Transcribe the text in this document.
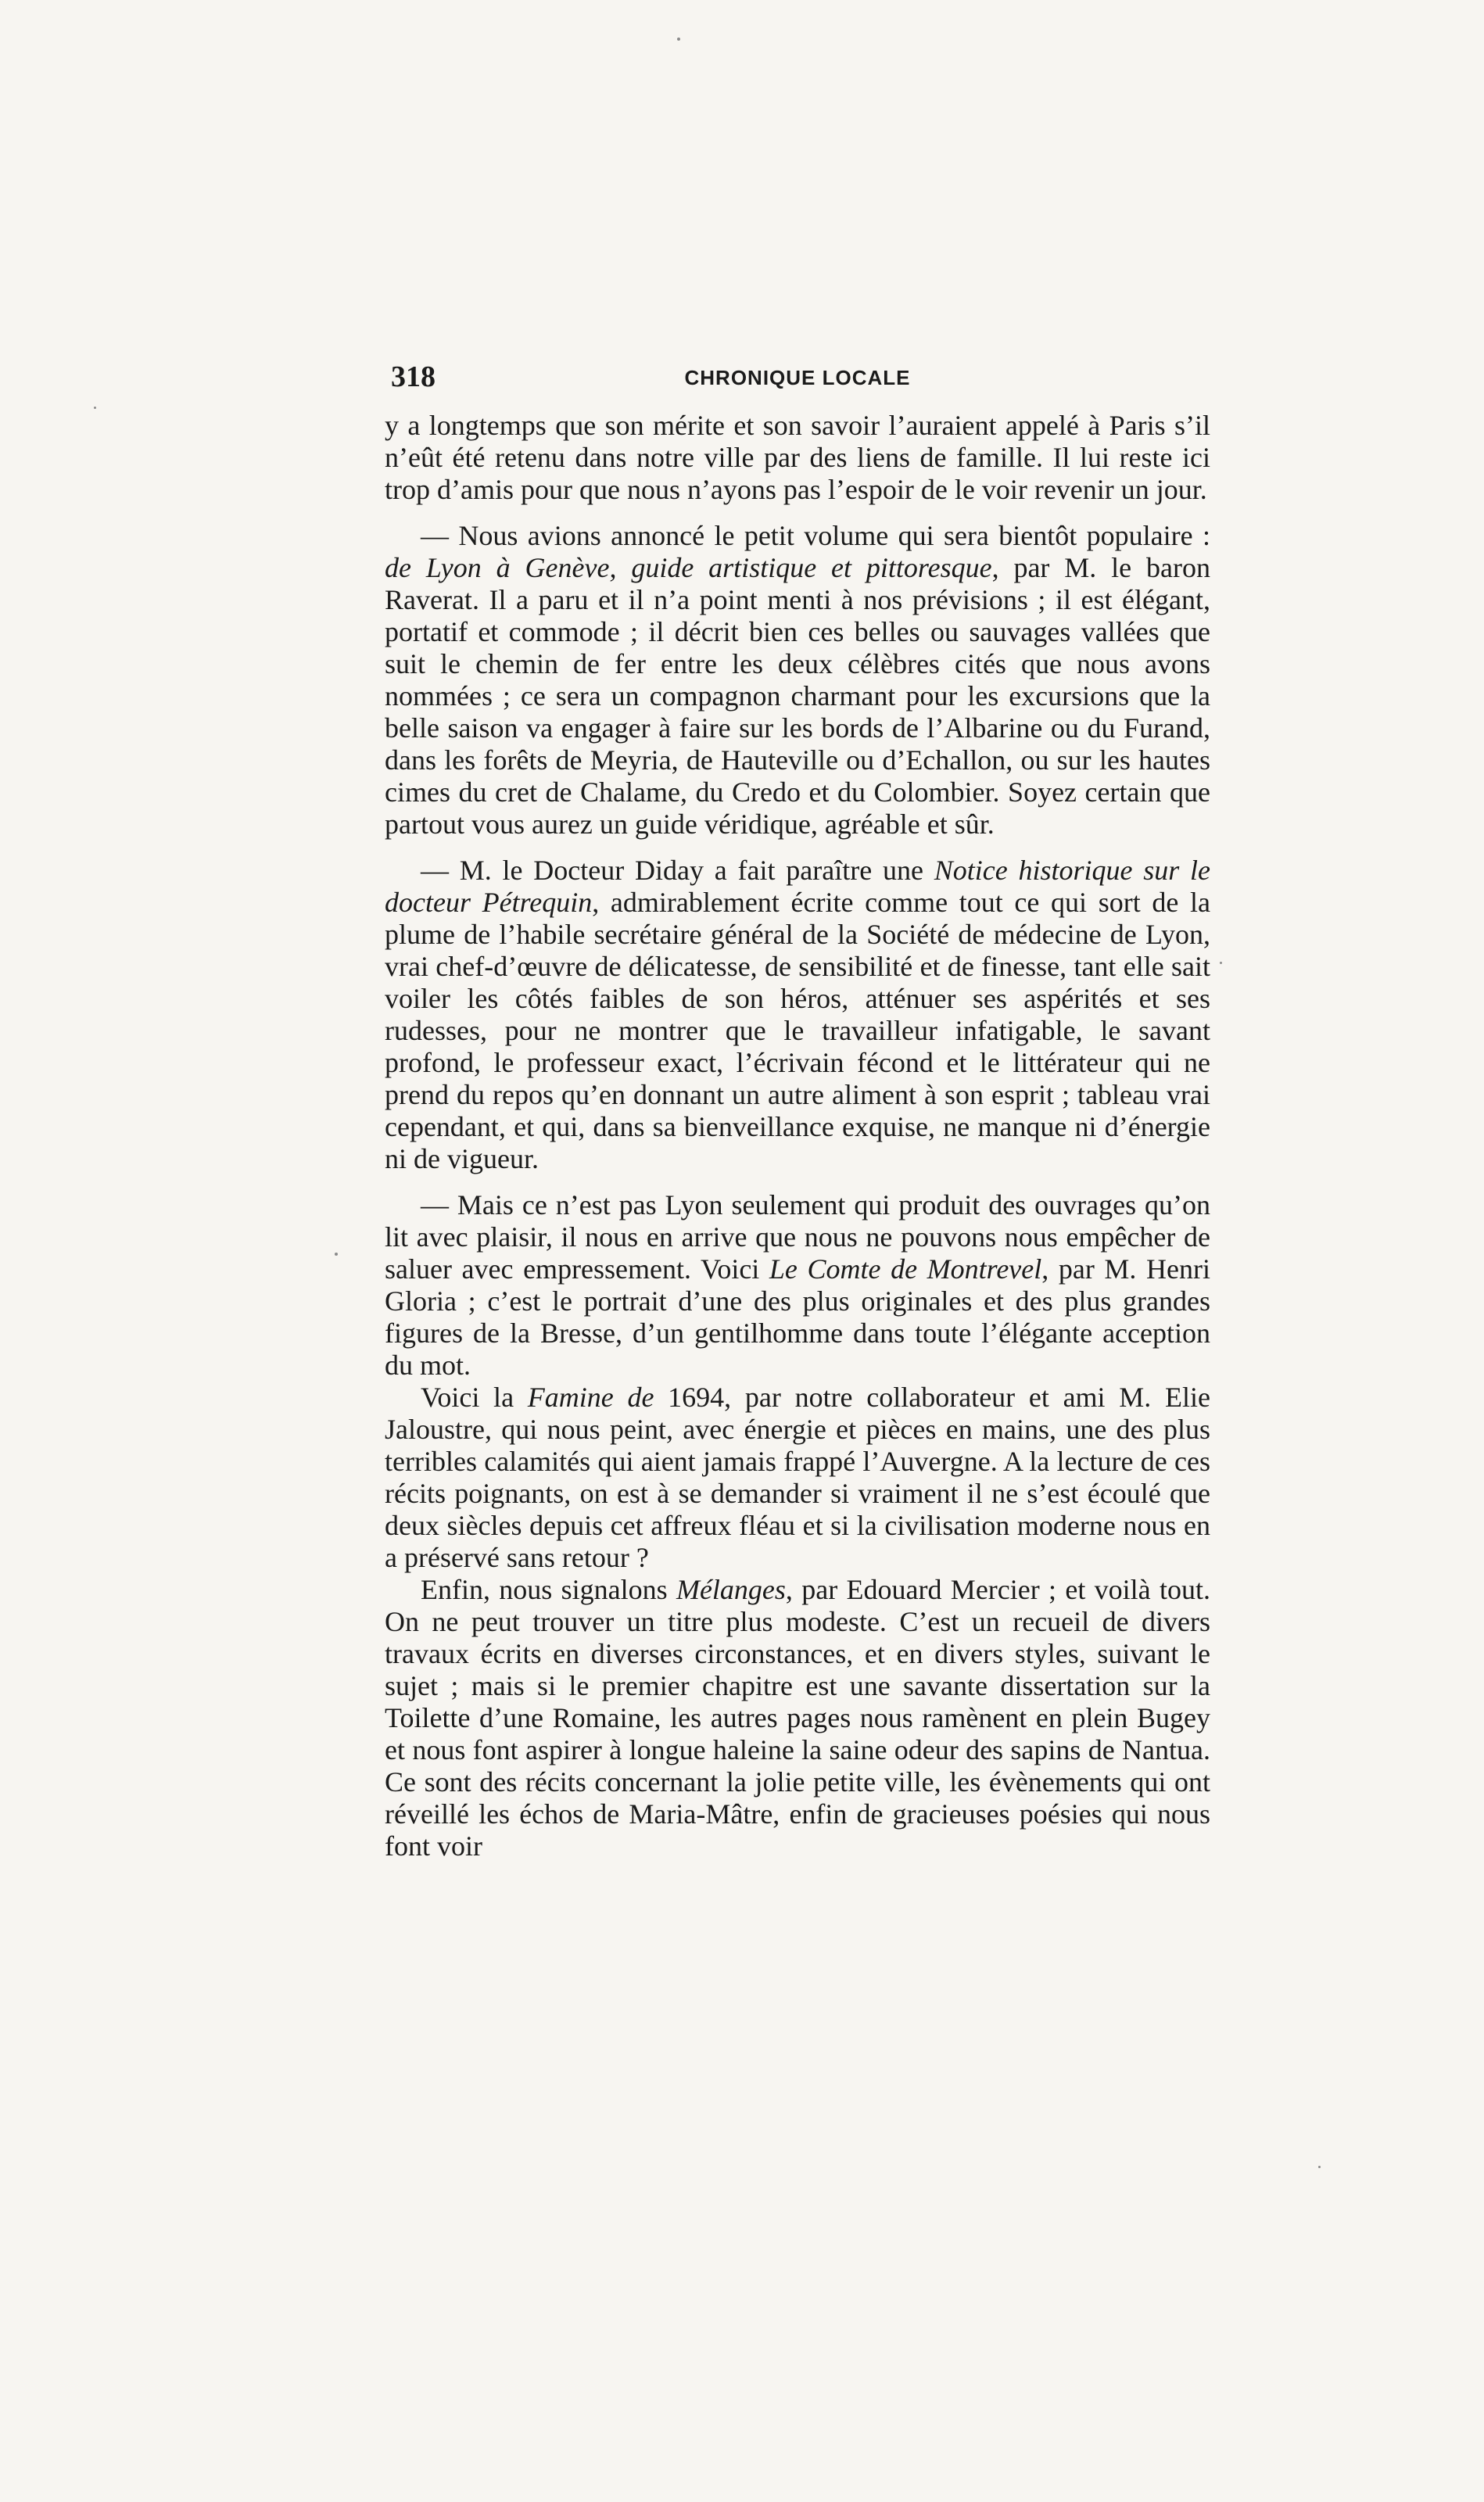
318	CHRONIQUE LOCALE

y a longtemps que son mérite et son savoir l’auraient appelé à Paris s’il n’eût été retenu dans notre ville par des liens de famille. Il lui reste ici trop d’amis pour que nous n’ayons pas l’espoir de le voir revenir un jour.

— Nous avions annoncé le petit volume qui sera bientôt populaire : de Lyon à Genève, guide artistique et pittoresque, par M. le baron Raverat. Il a paru et il n’a point menti à nos prévisions ; il est élégant, portatif et commode ; il décrit bien ces belles ou sauvages vallées que suit le chemin de fer entre les deux célèbres cités que nous avons nommées ; ce sera un compagnon charmant pour les excursions que la belle saison va engager à faire sur les bords de l’Albarine ou du Furand, dans les forêts de Meyria, de Hauteville ou d’Echallon, ou sur les hautes cimes du cret de Chalame, du Credo et du Colombier. Soyez certain que partout vous aurez un guide véridique, agréable et sûr.

— M. le Docteur Diday a fait paraître une Notice historique sur le docteur Pétrequin, admirablement écrite comme tout ce qui sort de la plume de l’habile secrétaire général de la Société de médecine de Lyon, vrai chef-d’œuvre de délicatesse, de sensibilité et de finesse, tant elle sait voiler les côtés faibles de son héros, atténuer ses aspérités et ses rudesses, pour ne montrer que le travailleur infatigable, le savant profond, le professeur exact, l’écrivain fécond et le littérateur qui ne prend du repos qu’en donnant un autre aliment à son esprit ; tableau vrai cependant, et qui, dans sa bienveillance exquise, ne manque ni d’énergie ni de vigueur.

— Mais ce n’est pas Lyon seulement qui produit des ouvrages qu’on lit avec plaisir, il nous en arrive que nous ne pouvons nous empêcher de saluer avec empressement. Voici Le Comte de Montrevel, par M. Henri Gloria ; c’est le portrait d’une des plus originales et des plus grandes figures de la Bresse, d’un gentilhomme dans toute l’élégante acception du mot.

Voici la Famine de 1694, par notre collaborateur et ami M. Elie Jaloustre, qui nous peint, avec énergie et pièces en mains, une des plus terribles calamités qui aient jamais frappé l’Auvergne. A la lecture de ces récits poignants, on est à se demander si vraiment il ne s’est écoulé que deux siècles depuis cet affreux fléau et si la civilisation moderne nous en a préservé sans retour ?

Enfin, nous signalons Mélanges, par Edouard Mercier ; et voilà tout. On ne peut trouver un titre plus modeste. C’est un recueil de divers travaux écrits en diverses circonstances, et en divers styles, suivant le sujet ; mais si le premier chapitre est une savante dissertation sur la Toilette d’une Romaine, les autres pages nous ramènent en plein Bugey et nous font aspirer à longue haleine la saine odeur des sapins de Nantua. Ce sont des récits concernant la jolie petite ville, les évènements qui ont réveillé les échos de Maria-Mâtre, enfin de gracieuses poésies qui nous font voir
